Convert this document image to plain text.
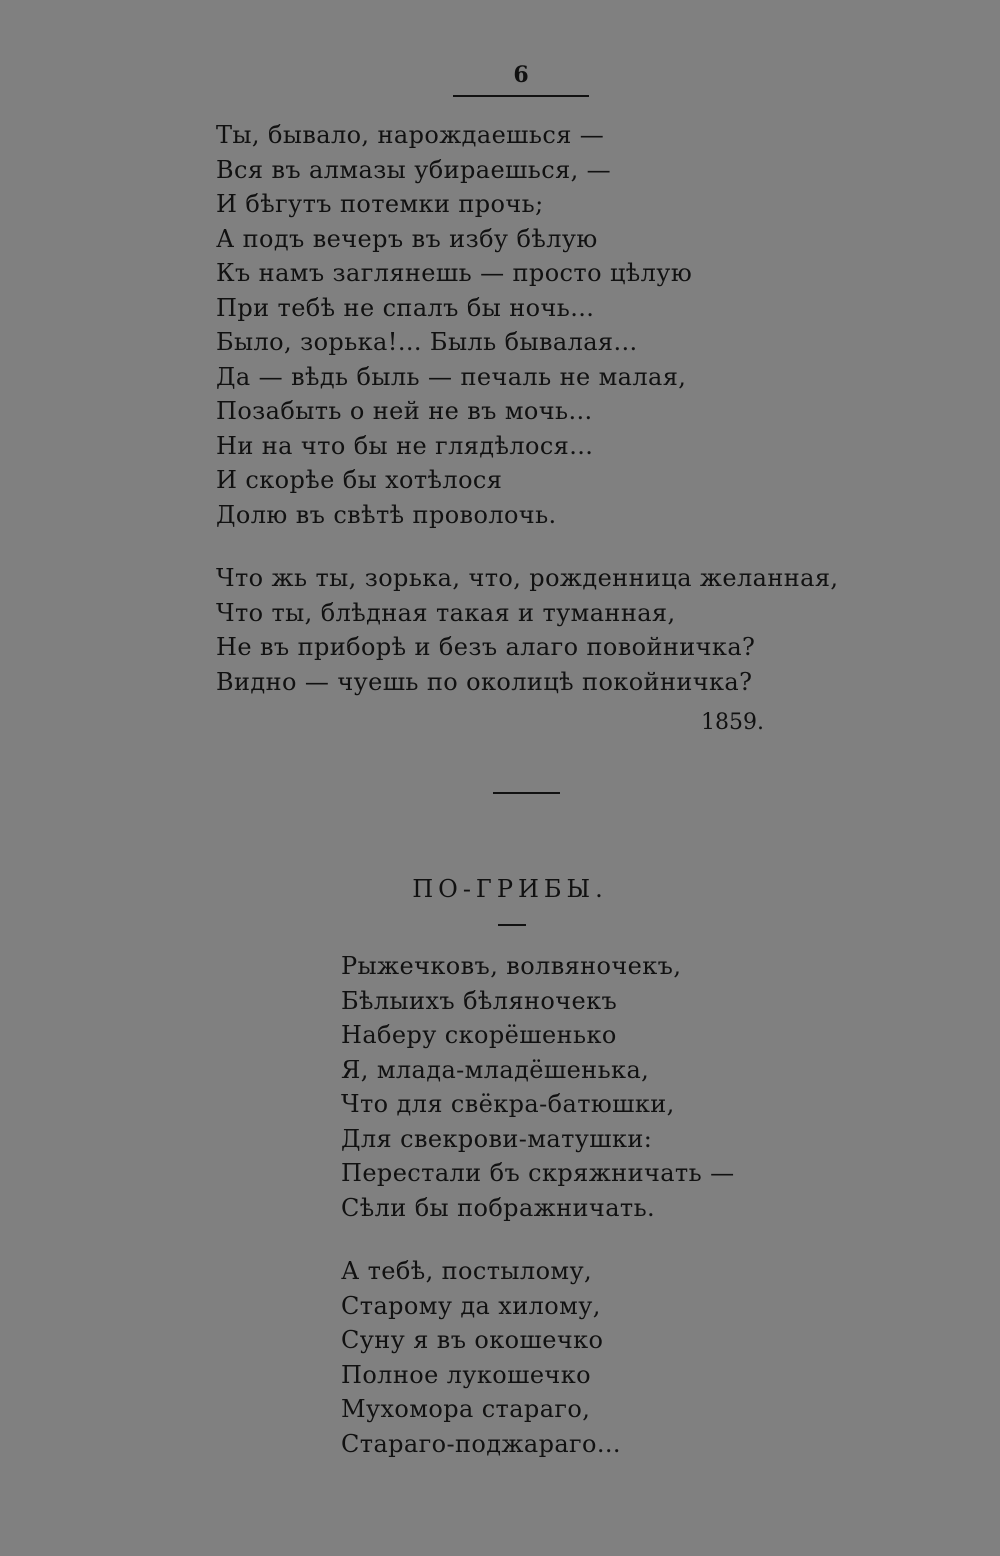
6
Ты, бывало, нарождаешься —
Вся въ алмазы убираешься, —
И бѣгутъ потемки прочь;
А подъ вечеръ въ избу бѣлую
Къ намъ заглянешь — просто цѣлую
При тебѣ не спалъ бы ночь...
Было, зорька!... Быль бывалая...
Да — вѣдь быль — печаль не малая,
Позабыть о ней не въ мочь...
Ни на что бы не глядѣлося...
И скорѣе бы хотѣлося
Долю въ свѣтѣ проволочь.
Что жь ты, зорька, что, рожденница желанная,
Что ты, блѣдная такая и туманная,
Не въ приборѣ и безъ алаго повойничка?
Видно — чуешь по околицѣ покойничка?
1859.
ПО-ГРИБЫ.
Рыжечковъ, волвяночекъ,
Бѣлыихъ бѣляночекъ
Наберу скорёшенько
Я, млада-младёшенька,
Что для свёкра-батюшки,
Для свекрови-матушки:
Перестали бъ скряжничать —
Сѣли бы пображничать.
А тебѣ, постылому,
Старому да хилому,
Суну я въ окошечко
Полное лукошечко
Мухомора стараго,
Стараго-поджараго...
